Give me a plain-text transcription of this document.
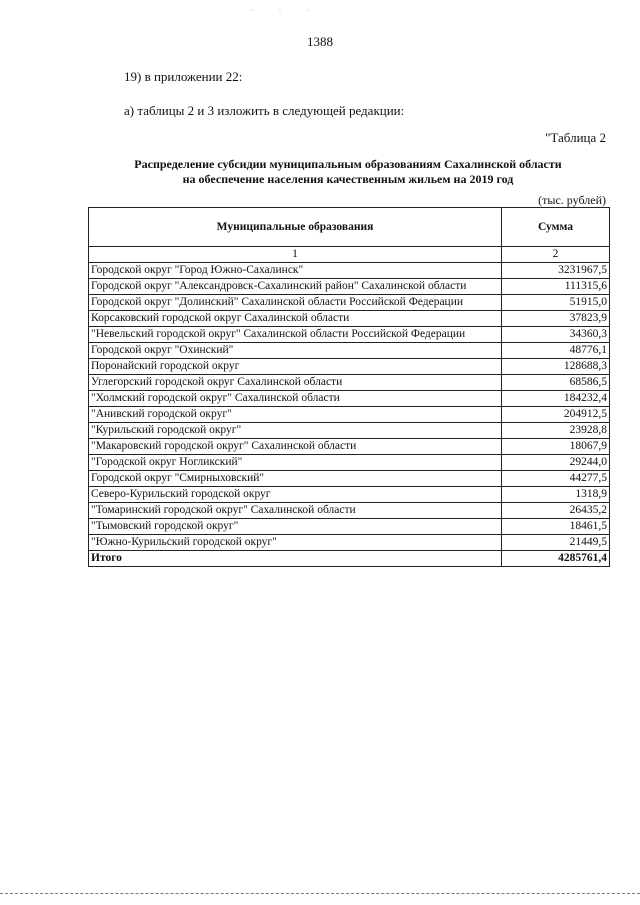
· · ·
1388
19) в приложении 22:
а) таблицы 2 и 3 изложить в следующей редакции:
"Таблица 2
Распределение субсидии муниципальным образованиям Сахалинской области
на обеспечение населения качественным жильем на 2019 год
(тыс. рублей)
Муниципальные образования	Сумма
1	2
Городской округ "Город Южно-Сахалинск"	3231967,5
Городской округ "Александровск-Сахалинский район" Сахалинской области	111315,6
Городской округ "Долинский" Сахалинской области Российской Федерации	51915,0
Корсаковский городской округ Сахалинской области	37823,9
"Невельский городской округ" Сахалинской области Российской Федерации	34360,3
Городской округ "Охинский"	48776,1
Поронайский городской округ	128688,3
Углегорский городской округ Сахалинской области	68586,5
"Холмский городской округ" Сахалинской области	184232,4
"Анивский городской округ"	204912,5
"Курильский городской округ"	23928,8
"Макаровский городской округ" Сахалинской области	18067,9
"Городской округ Ногликский"	29244,0
Городской округ "Смирныховский"	44277,5
Северо-Курильский городской округ	1318,9
"Томаринский городской округ" Сахалинской области	26435,2
"Тымовский городской округ"	18461,5
"Южно-Курильский городской округ"	21449,5
Итого	4285761,4
